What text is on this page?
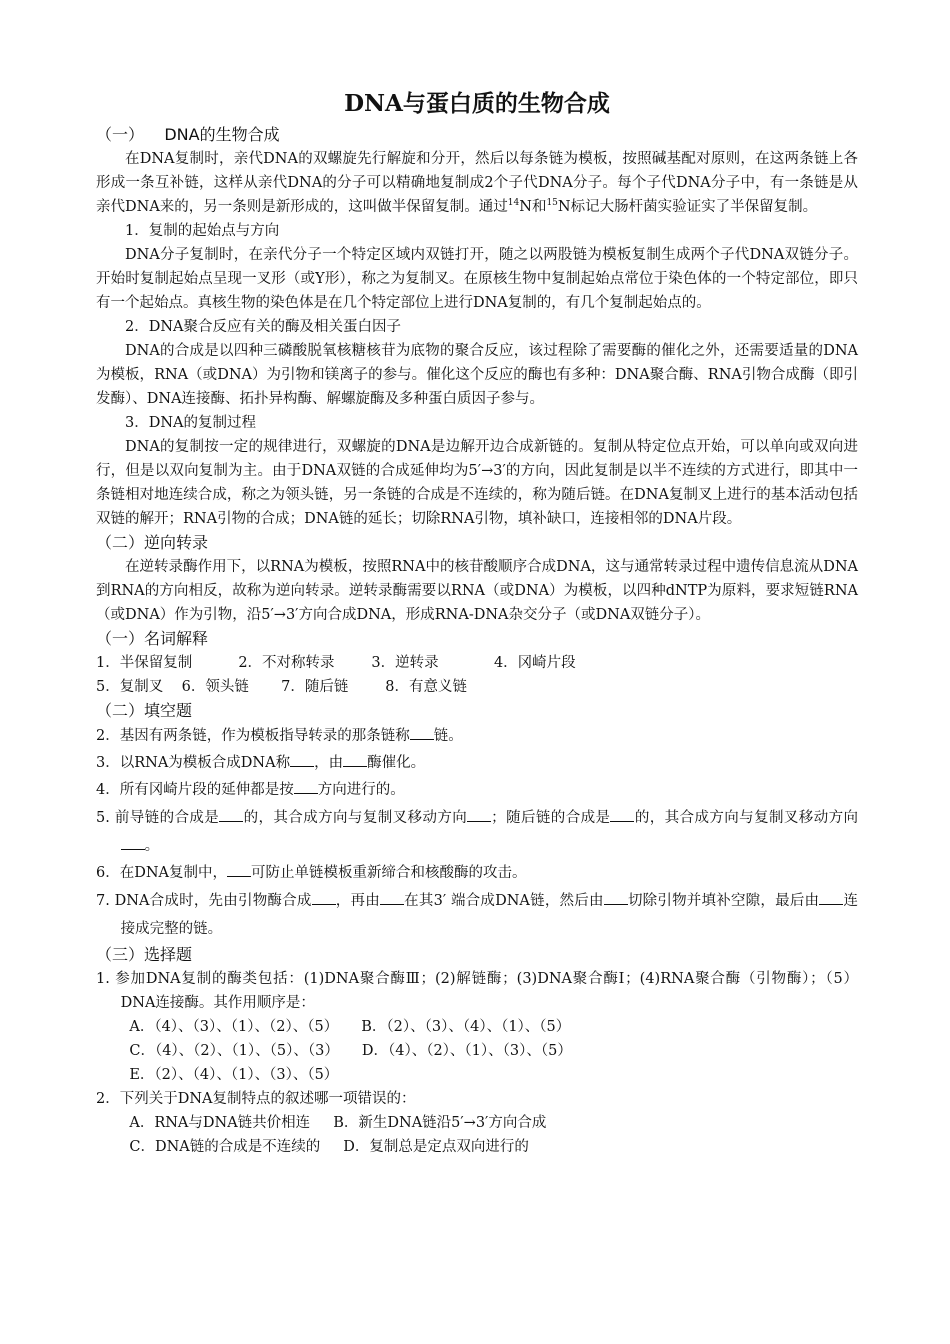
DNA与蛋白质的生物合成
（一）    DNA的生物合成

在DNA复制时，亲代DNA的双螺旋先行解旋和分开，然后以每条链为模板，按照碱基配对原则，在这两条链上各形成一条互补链，这样从亲代DNA的分子可以精确地复制成2个子代DNA分子。每个子代DNA分子中，有一条链是从亲代DNA来的，另一条则是新形成的，这叫做半保留复制。通过$^{14}$N和$^{15}$N标记大肠杆菌实验证实了半保留复制。

1．复制的起始点与方向

DNA分子复制时，在亲代分子一个特定区域内双链打开，随之以两股链为模板复制生成两个子代DNA双链分子。开始时复制起始点呈现一叉形（或Y形），称之为复制叉。在原核生物中复制起始点常位于染色体的一个特定部位，即只有一个起始点。真核生物的染色体是在几个特定部位上进行DNA复制的，有几个复制起始点的。

2．DNA聚合反应有关的酶及相关蛋白因子

DNA的合成是以四种三磷酸脱氧核糖核苷为底物的聚合反应，该过程除了需要酶的催化之外，还需要适量的DNA为模板，RNA（或DNA）为引物和镁离子的参与。催化这个反应的酶也有多种：DNA聚合酶、RNA引物合成酶（即引发酶）、DNA连接酶、拓扑异构酶、解螺旋酶及多种蛋白质因子参与。

3．DNA的复制过程

DNA的复制按一定的规律进行，双螺旋的DNA是边解开边合成新链的。复制从特定位点开始，可以单向或双向进行，但是以双向复制为主。由于DNA双链的合成延伸均为5′→3′的方向，因此复制是以半不连续的方式进行，即其中一条链相对地连续合成，称之为领头链，另一条链的合成是不连续的，称为随后链。在DNA复制叉上进行的基本活动包括双链的解开；RNA引物的合成；DNA链的延长；切除RNA引物，填补缺口，连接相邻的DNA片段。

（二）逆向转录

在逆转录酶作用下，以RNA为模板，按照RNA中的核苷酸顺序合成DNA，这与通常转录过程中遗传信息流从DNA到RNA的方向相反，故称为逆向转录。逆转录酶需要以RNA（或DNA）为模板，以四种dNTP为原料，要求短链RNA（或DNA）作为引物，沿5′→3′方向合成DNA，形成RNA-DNA杂交分子（或DNA双链分子）。

（一）名词解释

1．半保留复制          2．不对称转录        3．逆转录            4．冈崎片段

5．复制叉    6．领头链       7．随后链        8．有意义链

（二）填空题

2．基因有两条链，作为模板指导转录的那条链称 链。

3．以RNA为模板合成DNA称 ，由 酶催化。

4．所有冈崎片段的延伸都是按 方向进行的。

5. 前导链的合成是 的，其合成方向与复制叉移动方向 ；随后链的合成是 的，其合成方向与复制叉移动方向。

6．在DNA复制中， 可防止单链模板重新缔合和核酸酶的攻击。

7. DNA合成时，先由引物酶合成 ，再由 在其3′ 端合成DNA链，然后由 切除引物并填补空隙，最后由 连接成完整的链。

（三）选择题

1. 参加DNA复制的酶类包括：(1)DNA聚合酶Ⅲ；(2)解链酶；(3)DNA聚合酶Ⅰ；(4)RNA聚合酶（引物酶）；（5）DNA连接酶。其作用顺序是：

A．（4）、（3）、（1）、（2）、（5）     B．（2）、（3）、（4）、（1）、（5）

C．（4）、（2）、（1）、（5）、（3）     D．（4）、（2）、（1）、（3）、（5）

E．（2）、（4）、（1）、（3）、（5）

2．下列关于DNA复制特点的叙述哪一项错误的：

A．RNA与DNA链共价相连     B．新生DNA链沿5′→3′方向合成

C．DNA链的合成是不连续的     D．复制总是定点双向进行的
